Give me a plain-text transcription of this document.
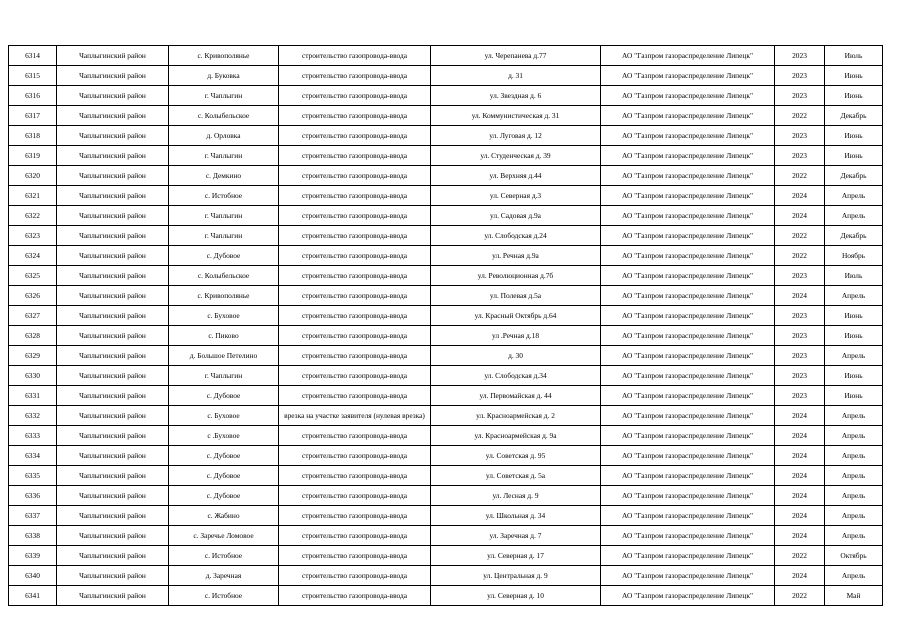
6314	Чаплыгинский район	с. Кривополянье	строительство газопровода-ввода	ул. Черепанева д.77	АО "Газпром газораспределение Липецк"	2023	Июль
6315	Чаплыгинский район	д. Буковка	строительство газопровода-ввода	д. 31	АО "Газпром газораспределение Липецк"	2023	Июнь
6316	Чаплыгинский район	г. Чаплыгин	строительство газопровода-ввода	ул. Звездная д. 6	АО "Газпром газораспределение Липецк"	2023	Июнь
6317	Чаплыгинский район	с. Колыбельское	строительство газопровода-ввода	ул. Коммунистическая д. 31	АО "Газпром газораспределение Липецк"	2022	Декабрь
6318	Чаплыгинский район	д. Орловка	строительство газопровода-ввода	ул. Луговая д. 12	АО "Газпром газораспределение Липецк"	2023	Июнь
6319	Чаплыгинский район	г. Чаплыгин	строительство газопровода-ввода	ул. Студенческая д. 39	АО "Газпром газораспределение Липецк"	2023	Июнь
6320	Чаплыгинский район	с. Демкино	строительство газопровода-ввода	ул. Верхняя д.44	АО "Газпром газораспределение Липецк"	2022	Декабрь
6321	Чаплыгинский район	с. Истобное	строительство газопровода-ввода	ул. Северная д.3	АО "Газпром газораспределение Липецк"	2024	Апрель
6322	Чаплыгинский район	г. Чаплыгин	строительство газопровода-ввода	ул. Садовая д.9а	АО "Газпром газораспределение Липецк"	2024	Апрель
6323	Чаплыгинский район	г. Чаплыгин	строительство газопровода-ввода	ул. Слободская д.24	АО "Газпром газораспределение Липецк"	2022	Декабрь
6324	Чаплыгинский район	с. Дубовое	строительство газопровода-ввода	ул. Речная д.9а	АО "Газпром газораспределение Липецк"	2022	Ноябрь
6325	Чаплыгинский район	с. Колыбельское	строительство газопровода-ввода	ул. Революционная д.7б	АО "Газпром газораспределение Липецк"	2023	Июль
6326	Чаплыгинский район	с. Кривополянье	строительство газопровода-ввода	ул. Полевая д.5а	АО "Газпром газораспределение Липецк"	2024	Апрель
6327	Чаплыгинский район	с. Буховое	строительство газопровода-ввода	ул. Красный Октябрь д.64	АО "Газпром газораспределение Липецк"	2023	Июнь
6328	Чаплыгинский район	с. Пиково	строительство газопровода-ввода	ул .Речная д.18	АО "Газпром газораспределение Липецк"	2023	Июнь
6329	Чаплыгинский район	д. Большое Петелино	строительство газопровода-ввода	д. 30	АО "Газпром газораспределение Липецк"	2023	Апрель
6330	Чаплыгинский район	г. Чаплыгин	строительство газопровода-ввода	ул. Слободская д.34	АО "Газпром газораспределение Липецк"	2023	Июнь
6331	Чаплыгинский район	с. Дубовое	строительство газопровода-ввода	ул. Первомайская д. 44	АО "Газпром газораспределение Липецк"	2023	Июнь
6332	Чаплыгинский район	с. Буховое	врезка на участке заявителя (нулевая врезка)	ул. Красноармейская д. 2	АО "Газпром газораспределение Липецк"	2024	Апрель
6333	Чаплыгинский район	с .Буховое	строительство газопровода-ввода	ул. Красноармейская д. 9а	АО "Газпром газораспределение Липецк"	2024	Апрель
6334	Чаплыгинский район	с. Дубовое	строительство газопровода-ввода	ул. Советская д. 95	АО "Газпром газораспределение Липецк"	2024	Апрель
6335	Чаплыгинский район	с. Дубовое	строительство газопровода-ввода	ул. Советская д. 5а	АО "Газпром газораспределение Липецк"	2024	Апрель
6336	Чаплыгинский район	с. Дубовое	строительство газопровода-ввода	ул. Лесная д. 9	АО "Газпром газораспределение Липецк"	2024	Апрель
6337	Чаплыгинский район	с. Жабино	строительство газопровода-ввода	ул. Школьная д. 34	АО "Газпром газораспределение Липецк"	2024	Апрель
6338	Чаплыгинский район	с. Заречье Ломовое	строительство газопровода-ввода	ул. Заречная д. 7	АО "Газпром газораспределение Липецк"	2024	Апрель
6339	Чаплыгинский район	с. Истобное	строительство газопровода-ввода	ул. Северная д. 17	АО "Газпром газораспределение Липецк"	2022	Октябрь
6340	Чаплыгинский район	д. Заречная	строительство газопровода-ввода	ул. Центральная д. 9	АО "Газпром газораспределение Липецк"	2024	Апрель
6341	Чаплыгинский район	с. Истобное	строительство газопровода-ввода	ул. Северная д. 10	АО "Газпром газораспределение Липецк"	2022	Май
